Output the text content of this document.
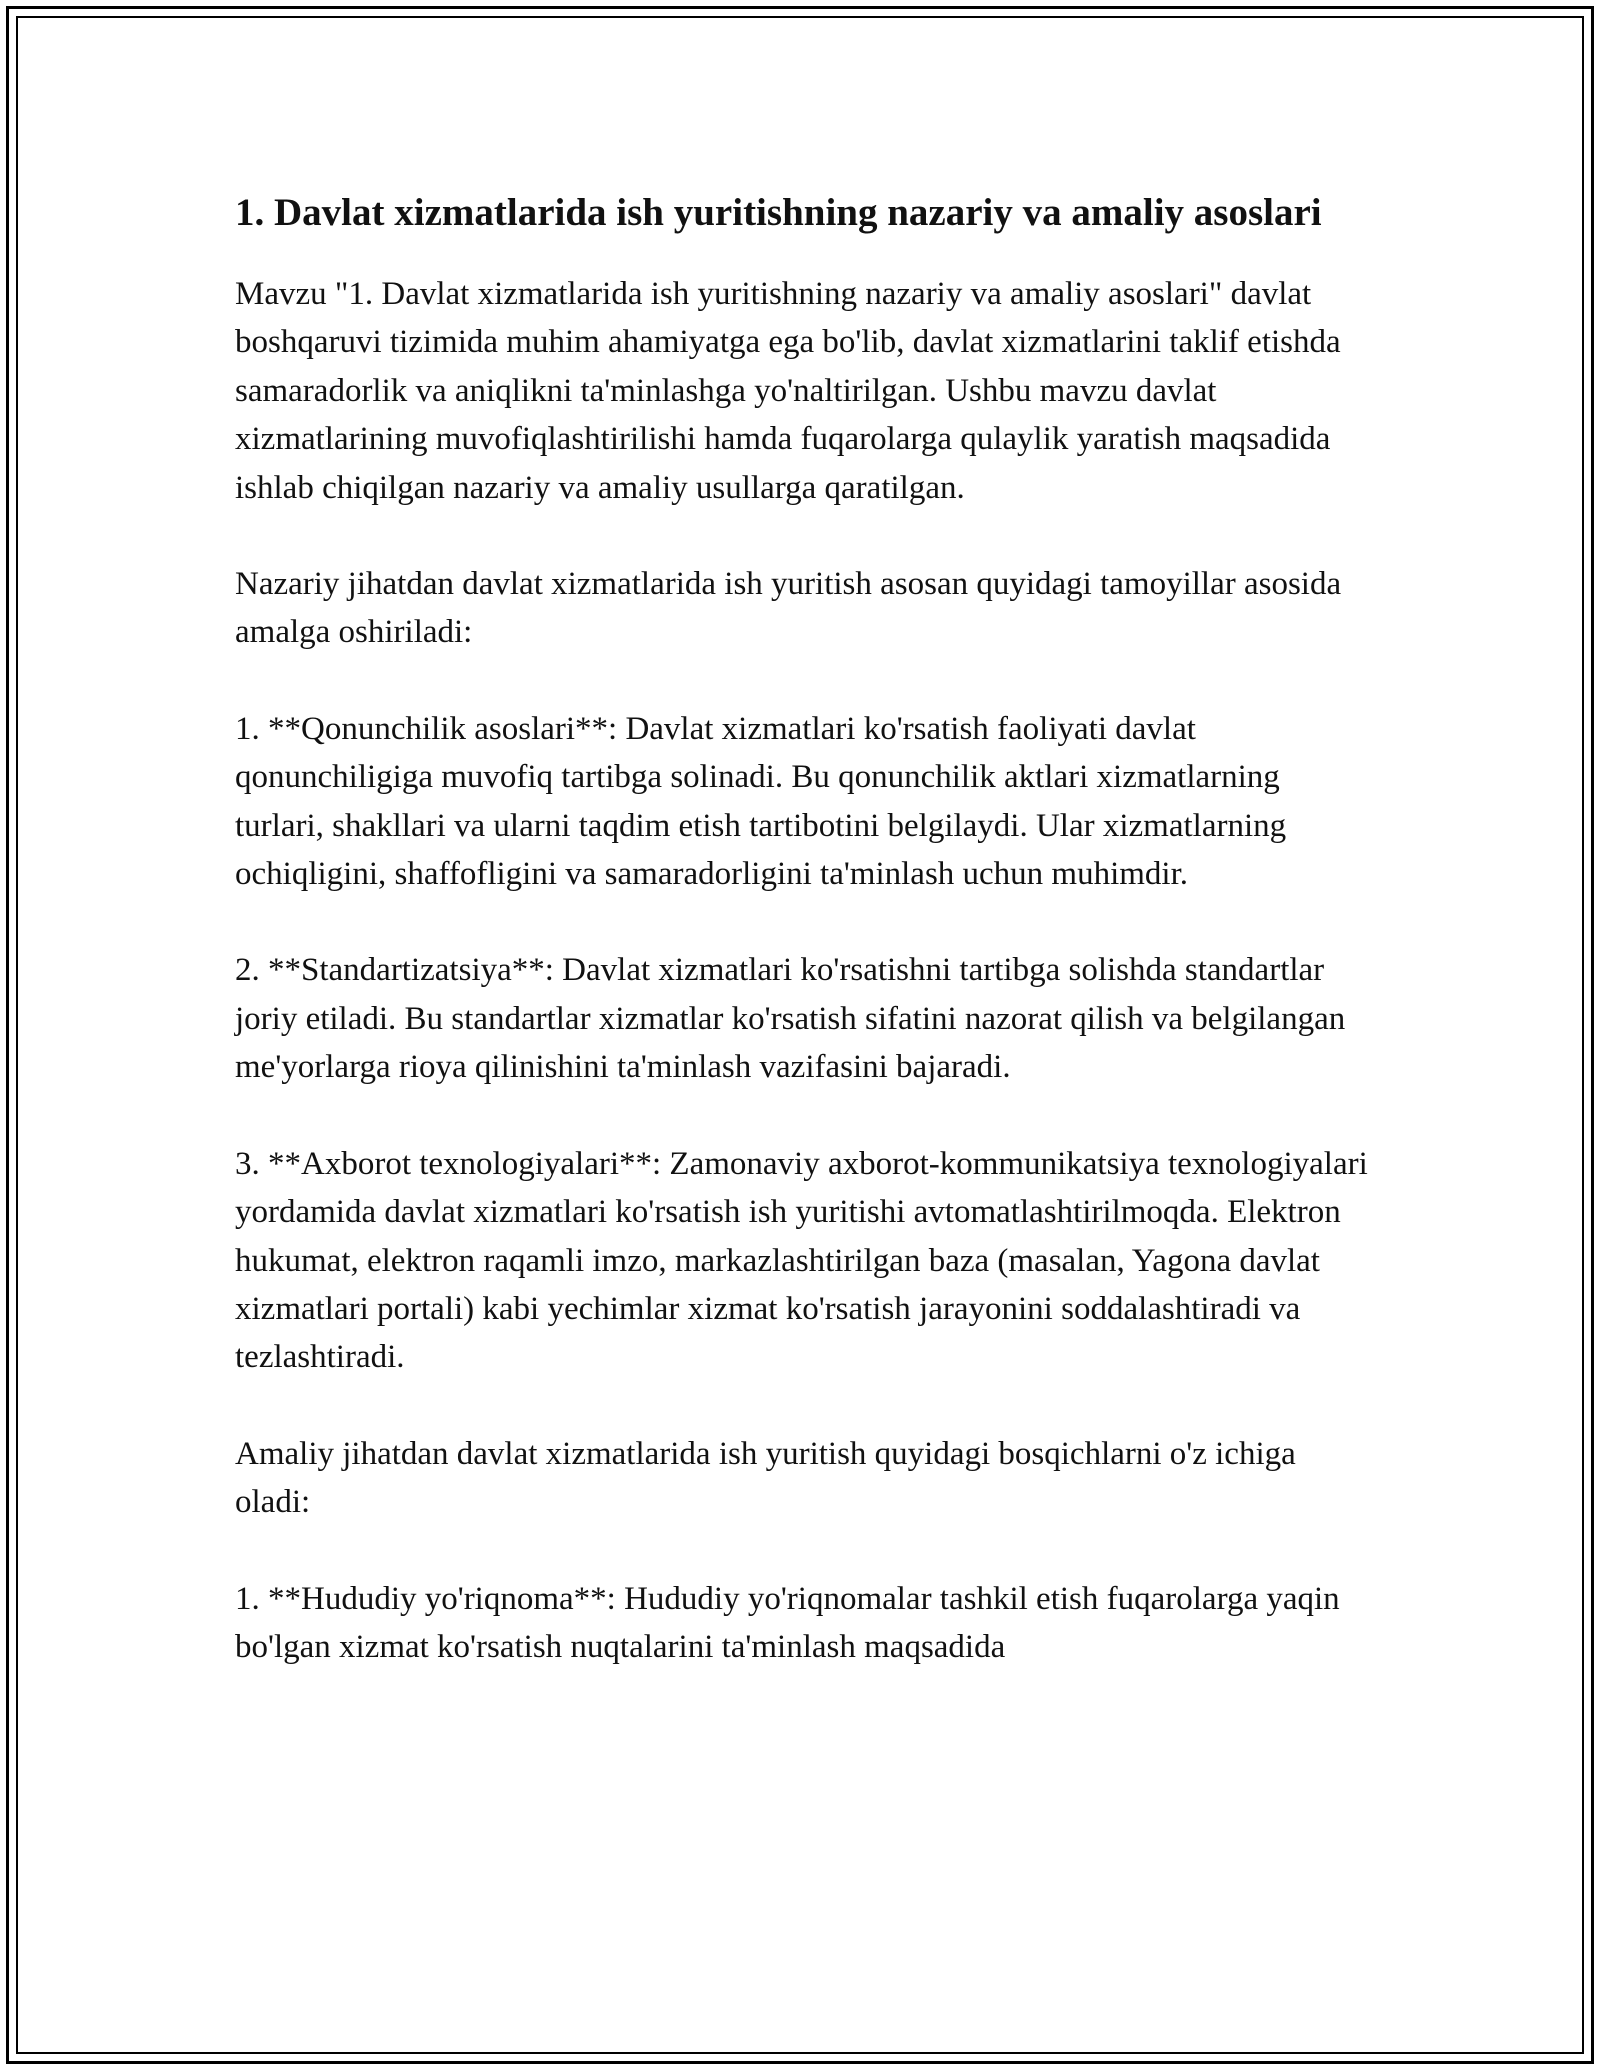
1. Davlat xizmatlarida ish yuritishning nazariy va amaliy asoslari

Mavzu "1. Davlat xizmatlarida ish yuritishning nazariy va amaliy asoslari" davlat boshqaruvi tizimida muhim ahamiyatga ega bo'lib, davlat xizmatlarini taklif etishda samaradorlik va aniqlikni ta'minlashga yo'naltirilgan. Ushbu mavzu davlat xizmatlarining muvofiqlashtirilishi hamda fuqarolarga qulaylik yaratish maqsadida ishlab chiqilgan nazariy va amaliy usullarga qaratilgan.

Nazariy jihatdan davlat xizmatlarida ish yuritish asosan quyidagi tamoyillar asosida amalga oshiriladi:

1. **Qonunchilik asoslari**: Davlat xizmatlari ko'rsatish faoliyati davlat qonunchiligiga muvofiq tartibga solinadi. Bu qonunchilik aktlari xizmatlarning turlari, shakllari va ularni taqdim etish tartibotini belgilaydi. Ular xizmatlarning ochiqligini, shaffofligini va samaradorligini ta'minlash uchun muhimdir.

2. **Standartizatsiya**: Davlat xizmatlari ko'rsatishni tartibga solishda standartlar joriy etiladi. Bu standartlar xizmatlar ko'rsatish sifatini nazorat qilish va belgilangan me'yorlarga rioya qilinishini ta'minlash vazifasini bajaradi.

3. **Axborot texnologiyalari**: Zamonaviy axborot-kommunikatsiya texnologiyalari yordamida davlat xizmatlari ko'rsatish ish yuritishi avtomatlashtirilmoqda. Elektron hukumat, elektron raqamli imzo, markazlashtirilgan baza (masalan, Yagona davlat xizmatlari portali) kabi yechimlar xizmat ko'rsatish jarayonini soddalashtiradi va tezlashtiradi.

Amaliy jihatdan davlat xizmatlarida ish yuritish quyidagi bosqichlarni o'z ichiga oladi:

1. **Hududiy yo'riqnoma**: Hududiy yo'riqnomalar tashkil etish fuqarolarga yaqin bo'lgan xizmat ko'rsatish nuqtalarini ta'minlash maqsadida
